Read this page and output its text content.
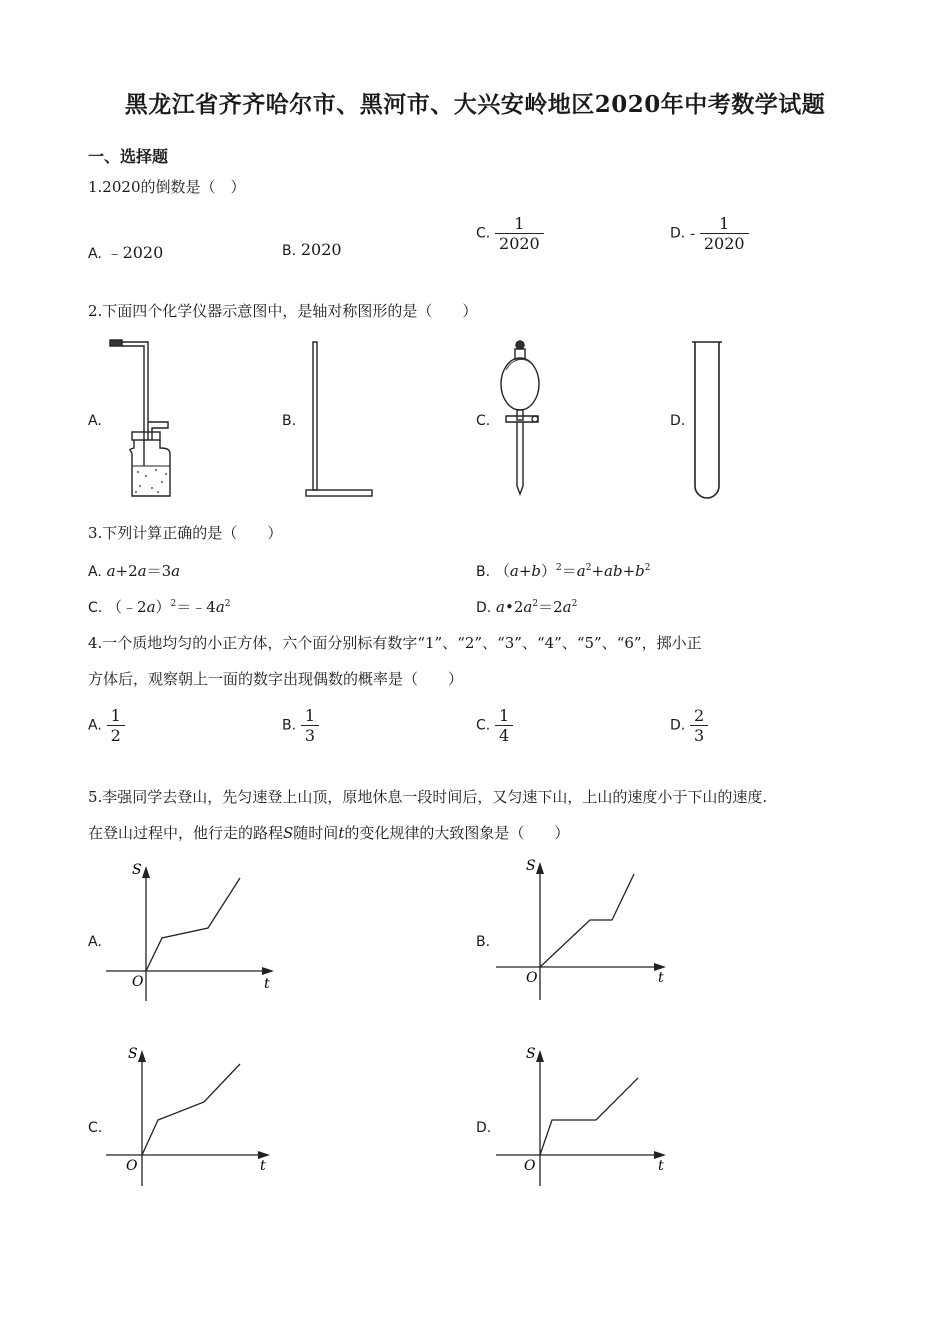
黑龙江省齐齐哈尔市、黑河市、大兴安岭地区2020年中考数学试题
一、选择题
1.2020的倒数是（　）
A. ﹣2020	B. 2020
C. $\frac{1}{2020}$	D. - $\frac{1}{2020}$
2.下面四个化学仪器示意图中，是轴对称图形的是（　　）
A.	B.	C.	D.
3.下列计算正确的是（　　）
A. a+2a＝3a	B. $(a+b)^2=a^2+ab+b^2$
C. $(﹣2a)^2=﹣4a^2$	D. $a•2a^2=2a^2$
4.一个质地均匀的小正方体，六个面分别标有数字“1”、“2”、“3”、“4”、“5”、“6”，掷小正
方体后，观察朝上一面的数字出现偶数的概率是（　　）
A. $\frac{1}{2}$	B. $\frac{1}{3}$	C. $\frac{1}{4}$	D. $\frac{2}{3}$
5.李强同学去登山，先匀速登上山顶，原地休息一段时间后，又匀速下山，上山的速度小于下山的速度.
在登山过程中，他行走的路程S随时间t的变化规律的大致图象是（　　）
A.	B.
C.	D.
S
t
O
S
t
O
S
t
O
S
t
O
